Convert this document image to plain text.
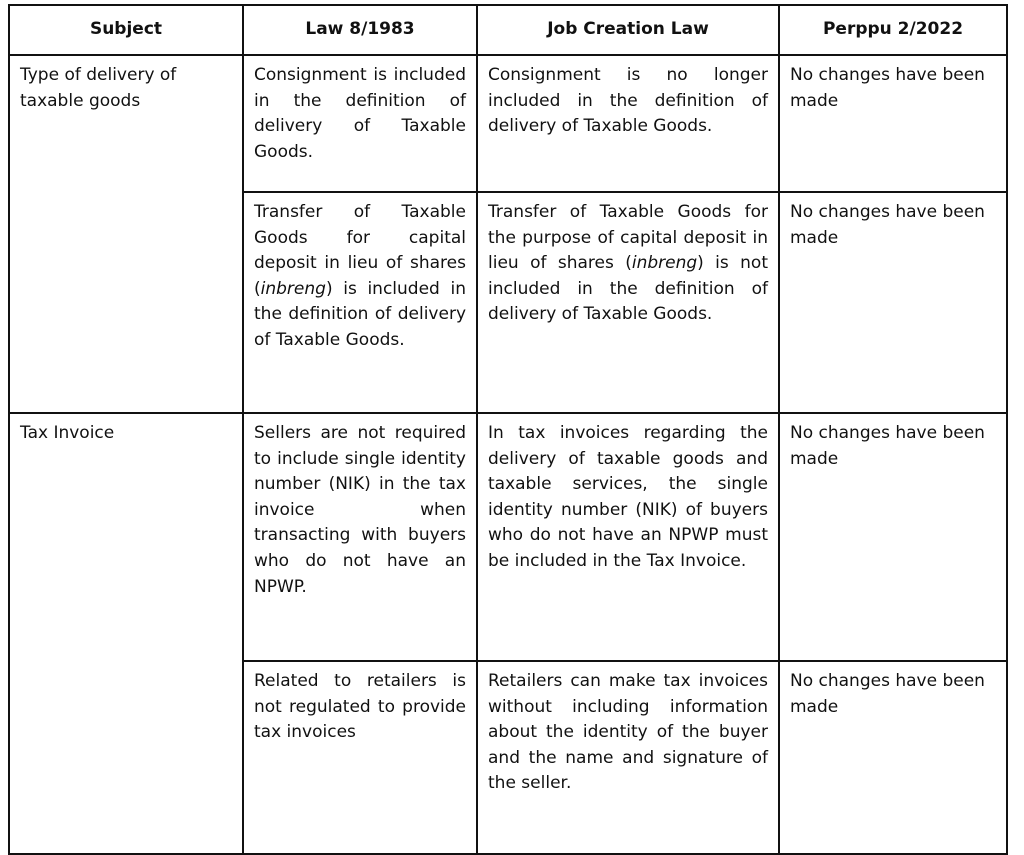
Subject	Law 8/1983	Job Creation Law	Perppu 2/2022
Type of delivery of taxable goods	Consignment is included in the definition of delivery of Taxable Goods.	Consignment is no longer included in the definition of delivery of Taxable Goods.	No changes have been made
	Transfer of Taxable Goods for capital deposit in lieu of shares (inbreng) is included in the definition of delivery of Taxable Goods.	Transfer of Taxable Goods for the purpose of capital deposit in lieu of shares (inbreng) is not included in the definition of delivery of Taxable Goods.	No changes have been made
Tax Invoice	Sellers are not required to include single identity number (NIK) in the tax invoice when transacting with buyers who do not have an NPWP.	In tax invoices regarding the delivery of taxable goods and taxable services, the single identity number (NIK) of buyers who do not have an NPWP must be included in the Tax Invoice.	No changes have been made
	Related to retailers is not regulated to provide tax invoices	Retailers can make tax invoices without including information about the identity of the buyer and the name and signature of the seller.	No changes have been made
